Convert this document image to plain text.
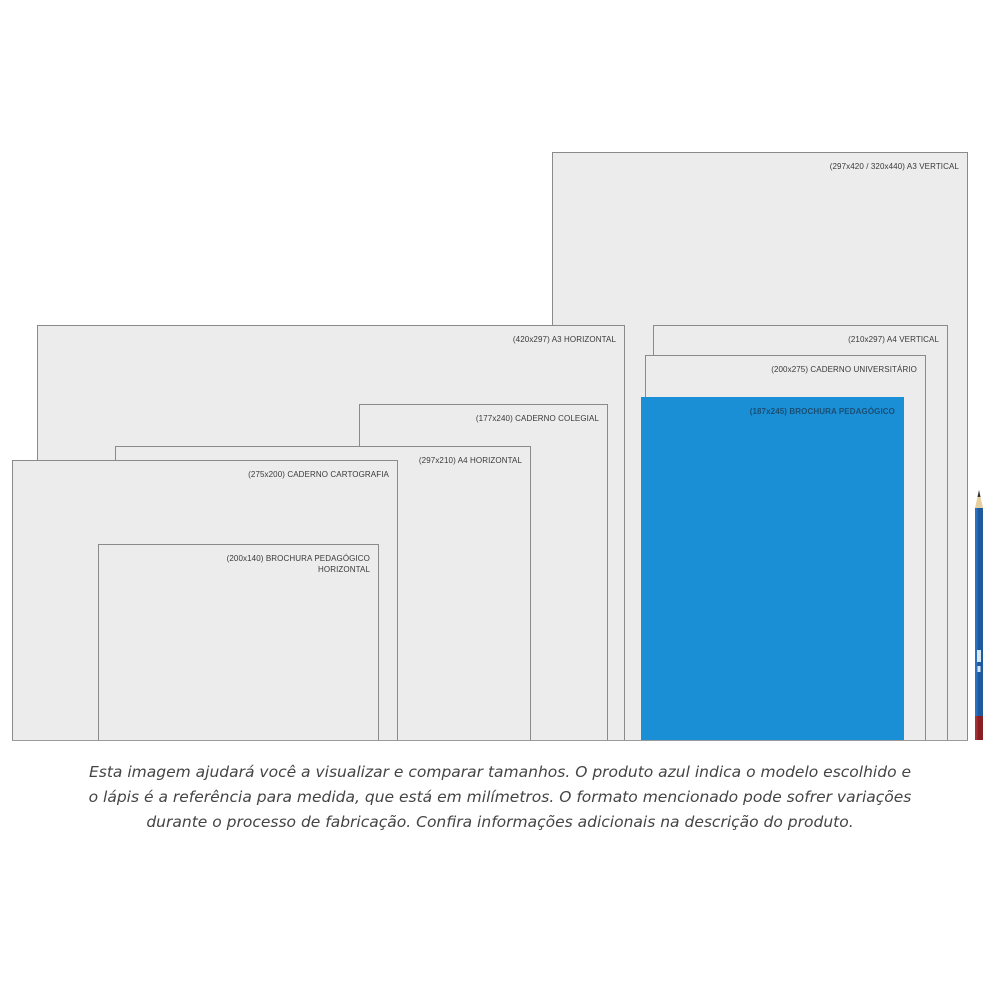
(297x420 / 320x440) A3 VERTICAL
(210x297) A4 VERTICAL
(200x275) CADERNO UNIVERSITÁRIO
(187x245) BROCHURA PEDAGÓGICO
(420x297) A3 HORIZONTAL
(177x240) CADERNO COLEGIAL
(297x210) A4 HORIZONTAL
(275x200) CADERNO CARTOGRAFIA
(200x140) BROCHURA PEDAGÓGICO
HORIZONTAL
Esta imagem ajudará você a visualizar e comparar tamanhos. O produto azul indica o modelo escolhido e
o lápis é a referência para medida, que está em milímetros. O formato mencionado pode sofrer variações
durante o processo de fabricação. Confira informações adicionais na descrição do produto.
